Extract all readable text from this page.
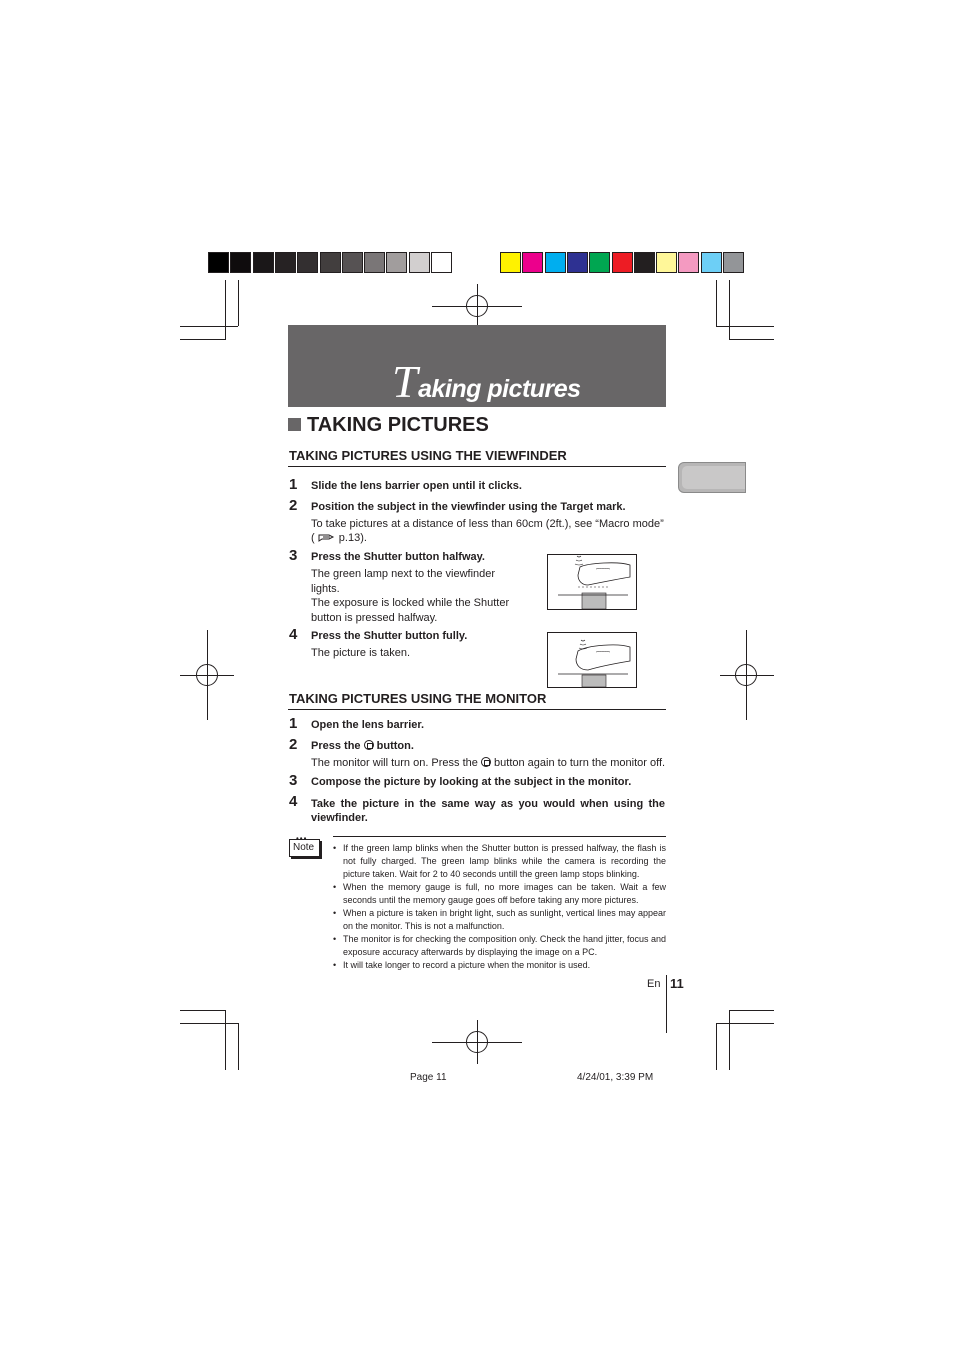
Taking pictures
TAKING PICTURES
TAKING PICTURES USING THE VIEWFINDER
1 Slide the lens barrier open until it clicks.
2 Position the subject in the viewfinder using the Target mark.
To take pictures at a distance of less than 60cm (2ft.), see “Macro mode”
( p.13).
3 Press the Shutter button halfway.
The green lamp next to the viewfinder lights.
The exposure is locked while the Shutter button is pressed halfway.
4 Press the Shutter button fully.
The picture is taken.
TAKING PICTURES USING THE MONITOR
1 Open the lens barrier.
2 Press the button.
The monitor will turn on. Press the button again to turn the monitor off.
3 Compose the picture by looking at the subject in the monitor.
4 Take the picture in the same way as you would when using the viewfinder.
•••
Note
•	If the green lamp blinks when the Shutter button is pressed halfway, the flash is not fully charged. The green lamp blinks while the camera is recording the picture taken. Wait for 2 to 40 seconds untill the green lamp stops blinking.
• When the memory gauge is full, no more images can be taken. Wait a few seconds until the memory gauge goes off before taking any more pictures.
• When a picture is taken in bright light, such as sunlight, vertical lines may appear on the monitor. This is not a malfunction.
• The monitor is for checking the composition only. Check the hand jitter, focus and exposure accuracy afterwards by displaying the image on a PC.
• It will take longer to record a picture when the monitor is used.
En 11
Page 11	4/24/01, 3:39 PM
